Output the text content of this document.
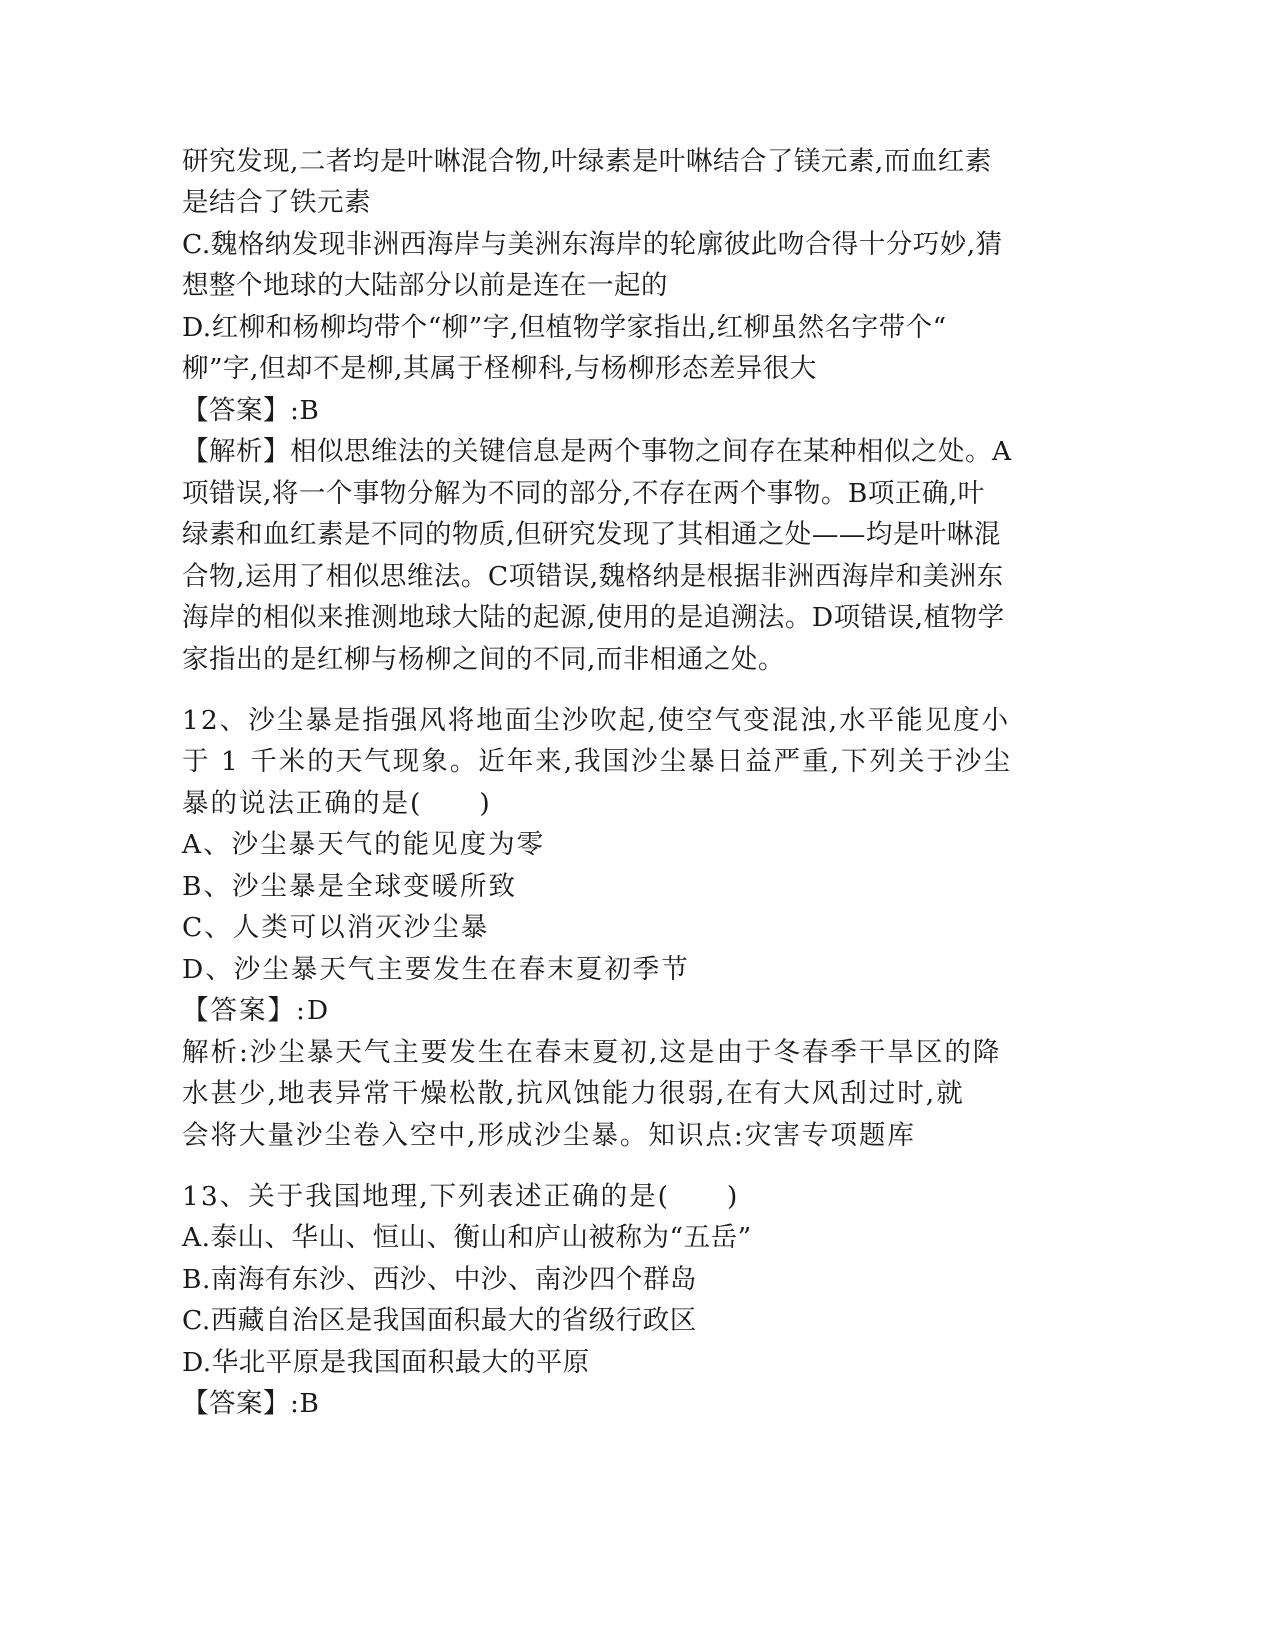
研究发现,二者均是叶啉混合物,叶绿素是叶啉结合了镁元素,而血红素

是结合了铁元素

C.魏格纳发现非洲西海岸与美洲东海岸的轮廓彼此吻合得十分巧妙,猜

想整个地球的大陆部分以前是连在一起的

D.红柳和杨柳均带个“柳”字,但植物学家指出,红柳虽然名字带个“

柳”字,但却不是柳,其属于柽柳科,与杨柳形态差异很大

【答案】:B

【解析】相似思维法的关键信息是两个事物之间存在某种相似之处。A

项错误,将一个事物分解为不同的部分,不存在两个事物。B项正确,叶

绿素和血红素是不同的物质,但研究发现了其相通之处——均是叶啉混

合物,运用了相似思维法。C项错误,魏格纳是根据非洲西海岸和美洲东

海岸的相似来推测地球大陆的起源,使用的是追溯法。D项错误,植物学

家指出的是红柳与杨柳之间的不同,而非相通之处。

12、沙尘暴是指强风将地面尘沙吹起,使空气变混浊,水平能见度小

于 1 千米的天气现象。近年来,我国沙尘暴日益严重,下列关于沙尘

暴的说法正确的是(　　)

A、沙尘暴天气的能见度为零

B、沙尘暴是全球变暖所致

C、人类可以消灭沙尘暴

D、沙尘暴天气主要发生在春末夏初季节

【答案】:D

解析:沙尘暴天气主要发生在春末夏初,这是由于冬春季干旱区的降

水甚少,地表异常干燥松散,抗风蚀能力很弱,在有大风刮过时,就

会将大量沙尘卷入空中,形成沙尘暴。知识点:灾害专项题库

13、关于我国地理,下列表述正确的是(　　)

A.泰山、华山、恒山、衡山和庐山被称为“五岳”

B.南海有东沙、西沙、中沙、南沙四个群岛

C.西藏自治区是我国面积最大的省级行政区

D.华北平原是我国面积最大的平原

【答案】:B
